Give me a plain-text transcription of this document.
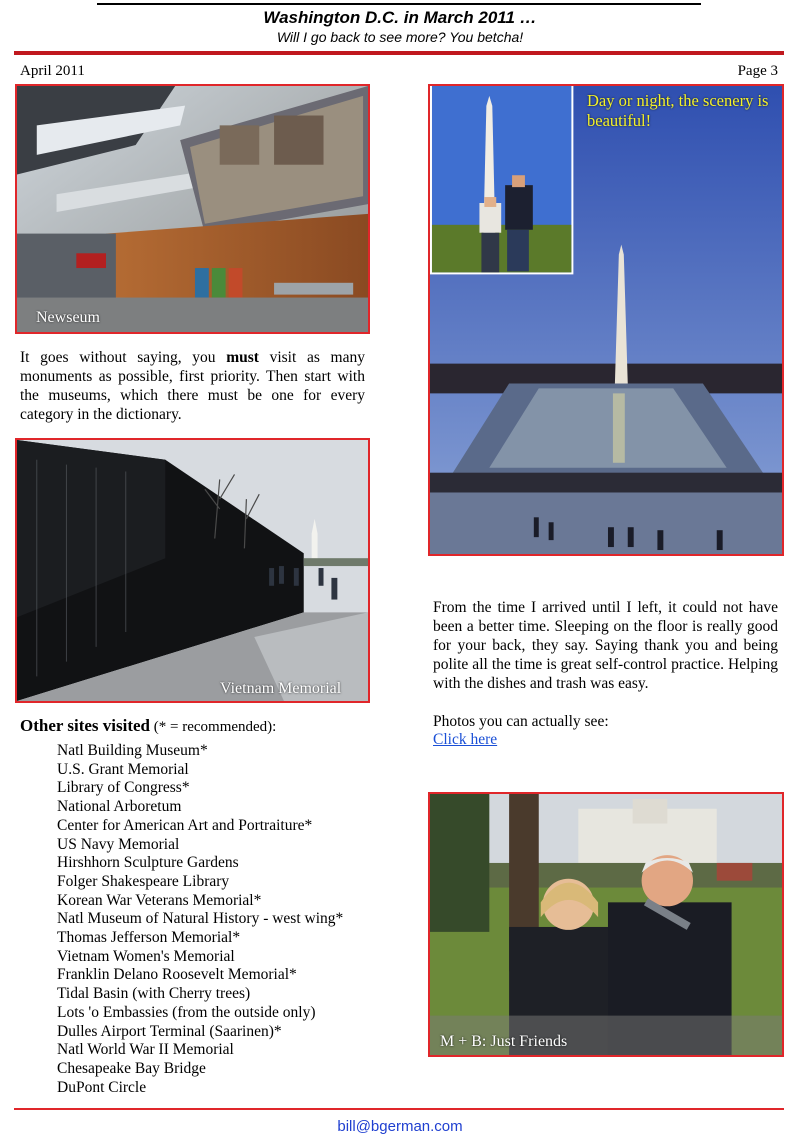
Washington D.C. in March 2011 …
Will I go back to see more? You betcha!
April 2011	Page 3
Newseum
It goes without saying, you must visit as many monuments as possible, first priority. Then start with the museums, which there must be one for every category in the dictionary.
Vietnam Memorial
Other sites visited (* = recommended):
Natl Building Museum*
U.S. Grant Memorial
Library of Congress*
National Arboretum
Center for American Art and Portraiture*
US Navy Memorial
Hirshhorn Sculpture Gardens
Folger Shakespeare Library
Korean War Veterans Memorial*
Natl Museum of Natural History - west wing*
Thomas Jefferson Memorial*
Vietnam Women's Memorial
Franklin Delano Roosevelt Memorial*
Tidal Basin (with Cherry trees)
Lots 'o Embassies (from the outside only)
Dulles Airport Terminal (Saarinen)*
Natl World War II Memorial
Chesapeake Bay Bridge
DuPont Circle
Day or night, the scenery is beautiful!
From the time I arrived until I left, it could not have been a better time. Sleeping on the floor is really good for your back, they say. Saying thank you and being polite all the time is great self-control practice. Helping with the dishes and trash was easy.
Photos you can actually see:
Click here
M + B: Just Friends
bill@bgerman.com
